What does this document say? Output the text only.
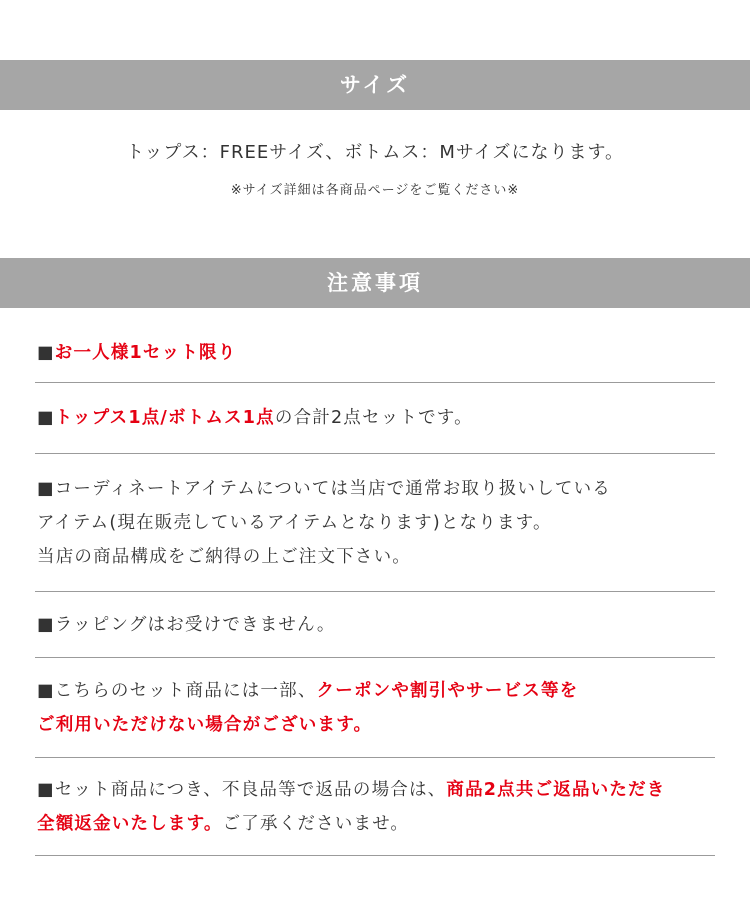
サイズ
トップス：FREEサイズ、ボトムス：Mサイズになります。
※サイズ詳細は各商品ページをご覧ください※
注意事項
■お一人様1セット限り
■トップス1点/ボトムス1点の合計2点セットです。
■コーディネートアイテムについては当店で通常お取り扱いしている
アイテム(現在販売しているアイテムとなります)となります。
当店の商品構成をご納得の上ご注文下さい。
■ラッピングはお受けできません。
■こちらのセット商品には一部、クーポンや割引やサービス等を
ご利用いただけない場合がございます。
■セット商品につき、不良品等で返品の場合は、商品2点共ご返品いただき
全額返金いたします。ご了承くださいませ。
